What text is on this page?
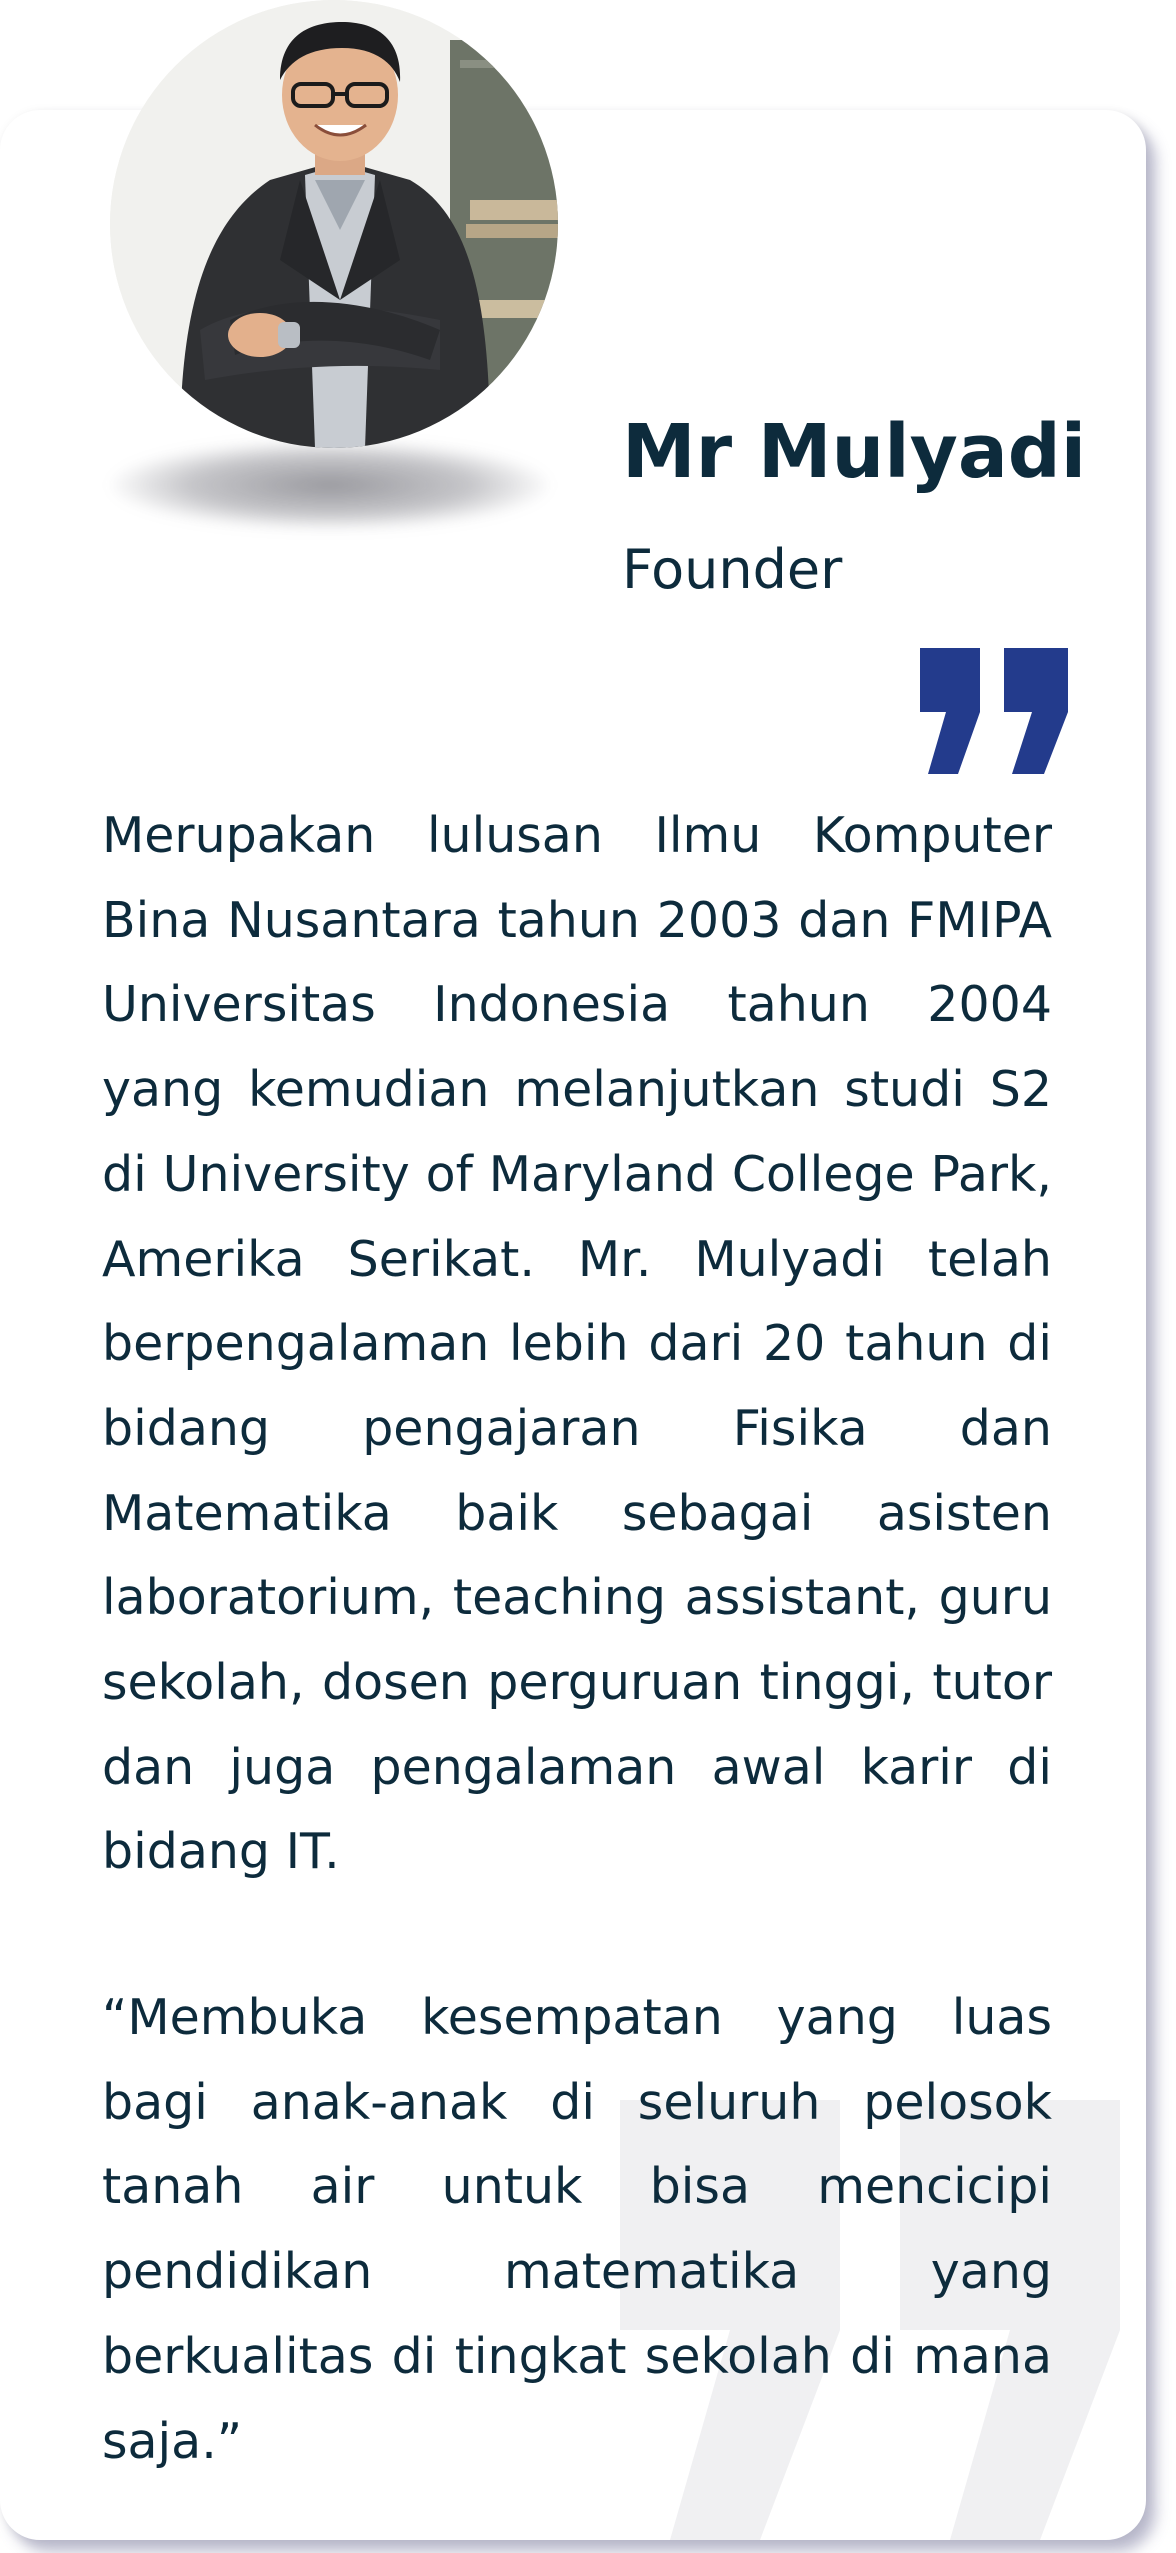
Mr Mulyadi

Founder

Merupakan lulusan Ilmu Komputer Bina Nusantara tahun 2003 dan FMIPA Universitas Indonesia tahun 2004 yang kemudian melanjutkan studi S2 di University of Maryland College Park, Amerika Serikat. Mr. Mulyadi telah berpengalaman lebih dari 20 tahun di bidang pengajaran Fisika dan Matematika baik sebagai asisten laboratorium, teaching assistant, guru sekolah, dosen perguruan tinggi, tutor dan juga pengalaman awal karir di bidang IT.

“Membuka kesempatan yang luas bagi anak-anak di seluruh pelosok tanah air untuk bisa mencicipi pendidikan matematika yang berkualitas di tingkat sekolah di mana saja.”
